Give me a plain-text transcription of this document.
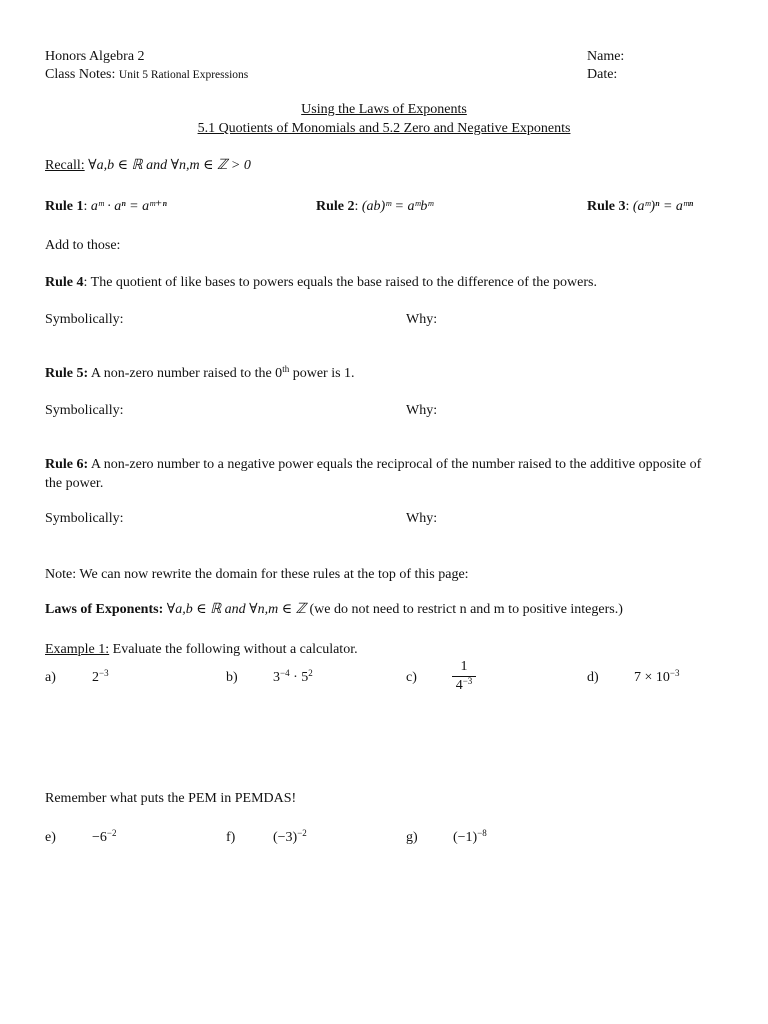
Honors Algebra 2
Class Notes: Unit 5 Rational Expressions
Name:
Date:
Using the Laws of Exponents
5.1 Quotients of Monomials and 5.2 Zero and Negative Exponents
Recall: ∀a,b ∈ ℝ and ∀n,m ∈ ℤ > 0
Rule 1: aᵐ · aⁿ = aᵐ⁺ⁿ	Rule 2: (ab)ᵐ = aᵐbᵐ	Rule 3: (aᵐ)ⁿ = aᵐⁿ
Add to those:
Rule 4: The quotient of like bases to powers equals the base raised to the difference of the powers.
Symbolically:	Why:
Rule 5: A non-zero number raised to the 0th power is 1.
Symbolically:	Why:
Rule 6: A non-zero number to a negative power equals the reciprocal of the number raised to the additive opposite of the power.
Symbolically:	Why:
Note: We can now rewrite the domain for these rules at the top of this page:
Laws of Exponents: ∀a,b ∈ ℝ and ∀n,m ∈ ℤ (we do not need to restrict n and m to positive integers.)
Example 1: Evaluate the following without a calculator.
a)	$2^{-3}$	b)	$3^{-4} \cdot 5^2$	c)	$\frac{1}{4^{-3}}$	d)	$7 \times 10^{-3}$
Remember what puts the PEM in PEMDAS!
e)	$-6^{-2}$	f)	$(-3)^{-2}$	g)	$(-1)^{-8}$
